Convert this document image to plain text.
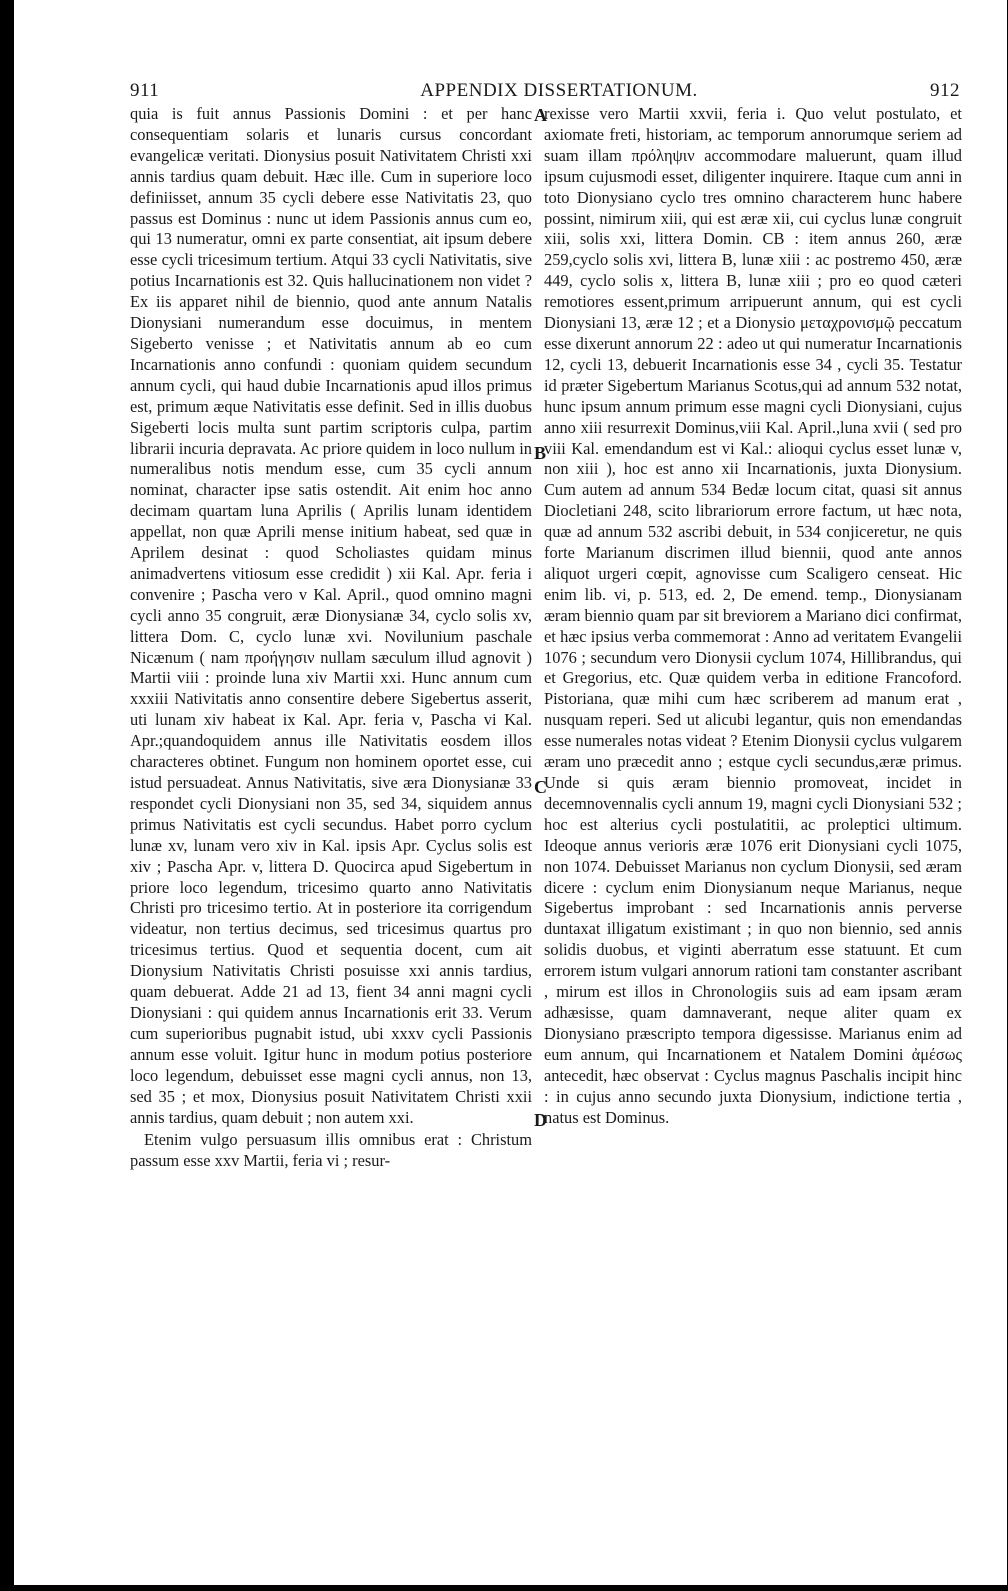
911	APPENDIX DISSERTATIONUM.	912

quia is fuit annus Passionis Domini : et per hanc consequentiam solaris et lunaris cursus concordant evangelicæ veritati. Dionysius posuit Nativitatem Christi xxi annis tardius quam debuit. Hæc ille. Cum in superiore loco definiisset, annum 35 cycli debere esse Nativitatis 23, quo passus est Dominus : nunc ut idem Passionis annus cum eo, qui 13 numeratur, omni ex parte consentiat, ait ipsum debere esse cycli tricesimum tertium. Atqui 33 cycli Nativitatis, sive potius Incarnationis est 32. Quis hallucinationem non videt ? Ex iis apparet nihil de biennio, quod ante annum Natalis Dionysiani numerandum esse docuimus, in mentem Sigeberto venisse ; et Nativitatis annum ab eo cum Incarnationis anno confundi : quoniam quidem secundum annum cycli, qui haud dubie Incarnationis apud illos primus est, primum æque Nativitatis esse definit. Sed in illis duobus Sigeberti locis multa sunt partim scriptoris culpa, partim librarii incuria depravata. Ac priore quidem in loco nullum in numeralibus notis mendum esse, cum 35 cycli annum nominat, character ipse satis ostendit. Ait enim hoc anno decimam quartam luna Aprilis ( Aprilis lunam identidem appellat, non quæ Aprili mense initium habeat, sed quæ in Aprilem desinat : quod Scholiastes quidam minus animadvertens vitiosum esse credidit ) xii Kal. Apr. feria i convenire ; Pascha vero v Kal. April., quod omnino magni cycli anno 35 congruit, æræ Dionysianæ 34, cyclo solis xv, littera Dom. C, cyclo lunæ xvi. Novilunium paschale Nicænum ( nam προήγησιν nullam sæculum illud agnovit ) Martii viii : proinde luna xiv Martii xxi. Hunc annum cum xxxiii Nativitatis anno consentire debere Sigebertus asserit, uti lunam xiv habeat ix Kal. Apr. feria v, Pascha vi Kal. Apr.;quandoquidem annus ille Nativitatis eosdem illos characteres obtinet. Fungum non hominem oportet esse, cui istud persuadeat. Annus Nativitatis, sive æra Dionysianæ 33 respondet cycli Dionysiani non 35, sed 34, siquidem annus primus Nativitatis est cycli secundus. Habet porro cyclum lunæ xv, lunam vero xiv in Kal. ipsis Apr. Cyclus solis est xiv ; Pascha Apr. v, littera D. Quocirca apud Sigebertum in priore loco legendum, tricesimo quarto anno Nativitatis Christi pro tricesimo tertio. At in posteriore ita corrigendum videatur, non tertius decimus, sed tricesimus quartus pro tricesimus tertius. Quod et sequentia docent, cum ait Dionysium Nativitatis Christi posuisse xxi annis tardius, quam debuerat. Adde 21 ad 13, fient 34 anni magni cycli Dionysiani : qui quidem annus Incarnationis erit 33. Verum cum superioribus pugnabit istud, ubi xxxv cycli Passionis annum esse voluit. Igitur hunc in modum potius posteriore loco legendum, debuisset esse magni cycli annus, non 13, sed 35 ; et mox, Dionysius posuit Nativitatem Christi xxii annis tardius, quam debuit ; non autem xxi.

Etenim vulgo persuasum illis omnibus erat : Christum passum esse xxv Martii, feria vi ; resur-

A
B
C
D

rexisse vero Martii xxvii, feria i. Quo velut postulato, et axiomate freti, historiam, ac temporum annorumque seriem ad suam illam πρόληψιν accommodare maluerunt, quam illud ipsum cujusmodi esset, diligenter inquirere. Itaque cum anni in toto Dionysiano cyclo tres omnino characterem hunc habere possint, nimirum xiii, qui est æræ xii, cui cyclus lunæ congruit xiii, solis xxi, littera Domin. CB : item annus 260, æræ 259,cyclo solis xvi, littera B, lunæ xiii : ac postremo 450, æræ 449, cyclo solis x, littera B, lunæ xiii ; pro eo quod cæteri remotiores essent,primum arripuerunt annum, qui est cycli Dionysiani 13, æræ 12 ; et a Dionysio μεταχρονισμῷ peccatum esse dixerunt annorum 22 : adeo ut qui numeratur Incarnationis 12, cycli 13, debuerit Incarnationis esse 34 , cycli 35. Testatur id præter Sigebertum Marianus Scotus,qui ad annum 532 notat, hunc ipsum annum primum esse magni cycli Dionysiani, cujus anno xiii resurrexit Dominus,viii Kal. April.,luna xvii ( sed pro viii Kal. emendandum est vi Kal.: alioqui cyclus esset lunæ v, non xiii ), hoc est anno xii Incarnationis, juxta Dionysium. Cum autem ad annum 534 Bedæ locum citat, quasi sit annus Diocletiani 248, scito librariorum errore factum, ut hæc nota, quæ ad annum 532 ascribi debuit, in 534 conjiceretur, ne quis forte Marianum discrimen illud biennii, quod ante annos aliquot urgeri cœpit, agnovisse cum Scaligero censeat. Hic enim lib. vi, p. 513, ed. 2, De emend. temp., Dionysianam æram biennio quam par sit breviorem a Mariano dici confirmat, et hæc ipsius verba commemorat : Anno ad veritatem Evangelii 1076 ; secundum vero Dionysii cyclum 1074, Hillibrandus, qui et Gregorius, etc. Quæ quidem verba in editione Francoford. Pistoriana, quæ mihi cum hæc scriberem ad manum erat , nusquam reperi. Sed ut alicubi legantur, quis non emendandas esse numerales notas videat ? Etenim Dionysii cyclus vulgarem æram uno præcedit anno ; estque cycli secundus,æræ primus. Unde si quis æram biennio promoveat, incidet in decemnovennalis cycli annum 19, magni cycli Dionysiani 532 ; hoc est alterius cycli postulatitii, ac proleptici ultimum. Ideoque annus verioris æræ 1076 erit Dionysiani cycli 1075, non 1074. Debuisset Marianus non cyclum Dionysii, sed æram dicere : cyclum enim Dionysianum neque Marianus, neque Sigebertus improbant : sed Incarnationis annis perverse duntaxat illigatum existimant ; in quo non biennio, sed annis solidis duobus, et viginti aberratum esse statuunt. Et cum errorem istum vulgari annorum rationi tam constanter ascribant , mirum est illos in Chronologiis suis ad eam ipsam æram adhæsisse, quam damnaverant, neque aliter quam ex Dionysiano præscripto tempora digessisse. Marianus enim ad eum annum, qui Incarnationem et Natalem Domini ἀμέσως antecedit, hæc observat : Cyclus magnus Paschalis incipit hinc : in cujus anno secundo juxta Dionysium, indictione tertia , natus est Dominus.
